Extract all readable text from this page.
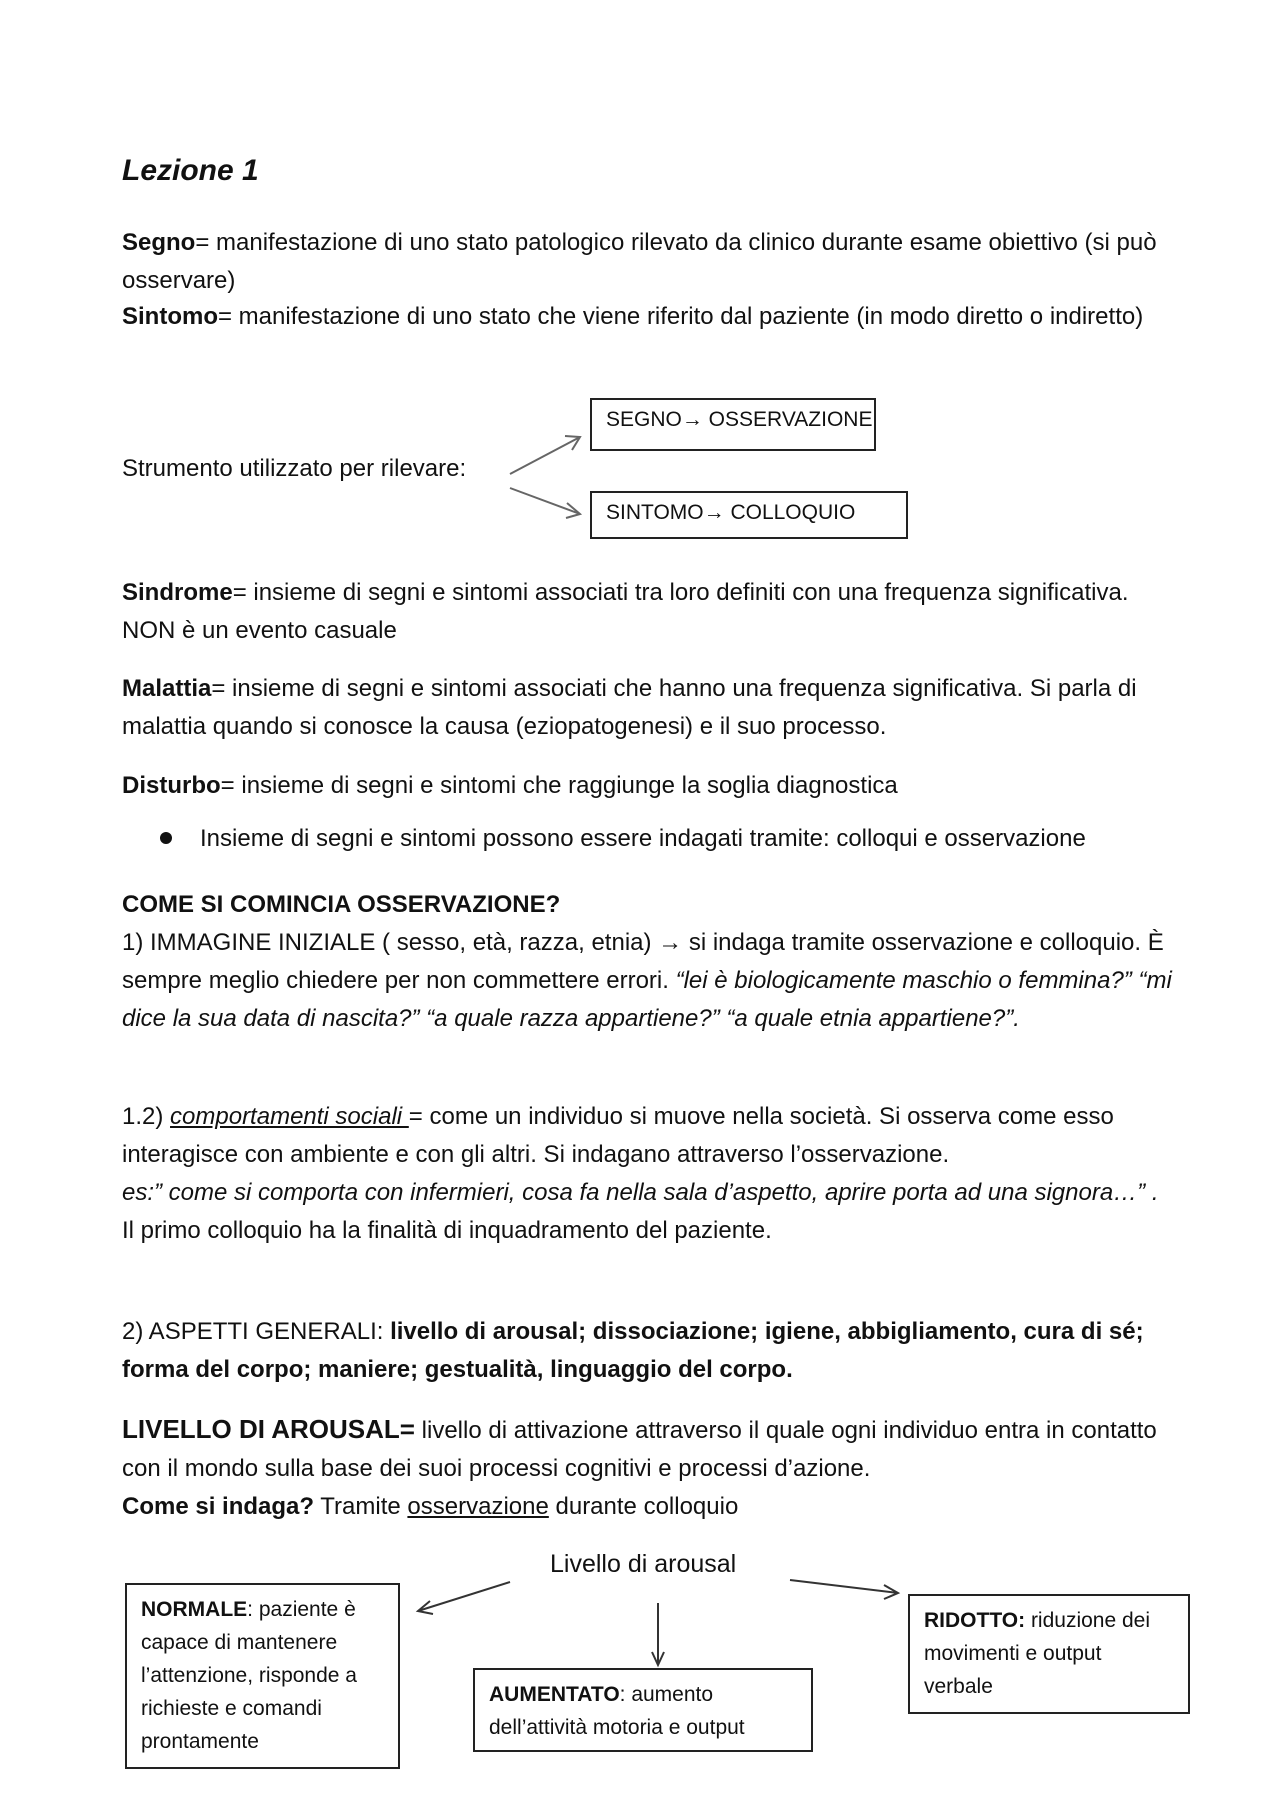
Lezione 1

Segno= manifestazione di uno stato patologico rilevato da clinico durante esame obiettivo (si può osservare)

Sintomo= manifestazione di uno stato che viene riferito dal paziente (in modo diretto o indiretto)

Strumento utilizzato per rilevare:
SEGNO→ OSSERVAZIONE
SINTOMO→ COLLOQUIO

Sindrome= insieme di segni e sintomi associati tra loro definiti con una frequenza significativa. NON è un evento casuale

Malattia= insieme di segni e sintomi associati che hanno una frequenza significativa. Si parla di malattia quando si conosce la causa (eziopatogenesi) e il suo processo.

Disturbo= insieme di segni e sintomi che raggiunge la soglia diagnostica

Insieme di segni e sintomi possono essere indagati tramite: colloqui e osservazione

COME SI COMINCIA OSSERVAZIONE?

1) IMMAGINE INIZIALE ( sesso, età, razza, etnia) → si indaga tramite osservazione e colloquio. È sempre meglio chiedere per non commettere errori. “lei è biologicamente maschio o femmina?” “mi dice la sua data di nascita?” “a quale razza appartiene?” “a quale etnia appartiene?”.

1.2) comportamenti sociali = come un individuo si muove nella società. Si osserva come esso interagisce con ambiente e con gli altri. Si indagano attraverso l’osservazione.
es:” come si comporta con infermieri, cosa fa nella sala d’aspetto, aprire porta ad una signora…” .
Il primo colloquio ha la finalità di inquadramento del paziente.

2) ASPETTI GENERALI: livello di arousal; dissociazione; igiene, abbigliamento, cura di sé; forma del corpo; maniere; gestualità, linguaggio del corpo.

LIVELLO DI AROUSAL= livello di attivazione attraverso il quale ogni individuo entra in contatto con il mondo sulla base dei suoi processi cognitivi e processi d’azione.
Come si indaga? Tramite osservazione durante colloquio

Livello di arousal
NORMALE: paziente è capace di mantenere l’attenzione, risponde a richieste e comandi prontamente
AUMENTATO: aumento dell’attività motoria e output
RIDOTTO: riduzione dei movimenti e output verbale
